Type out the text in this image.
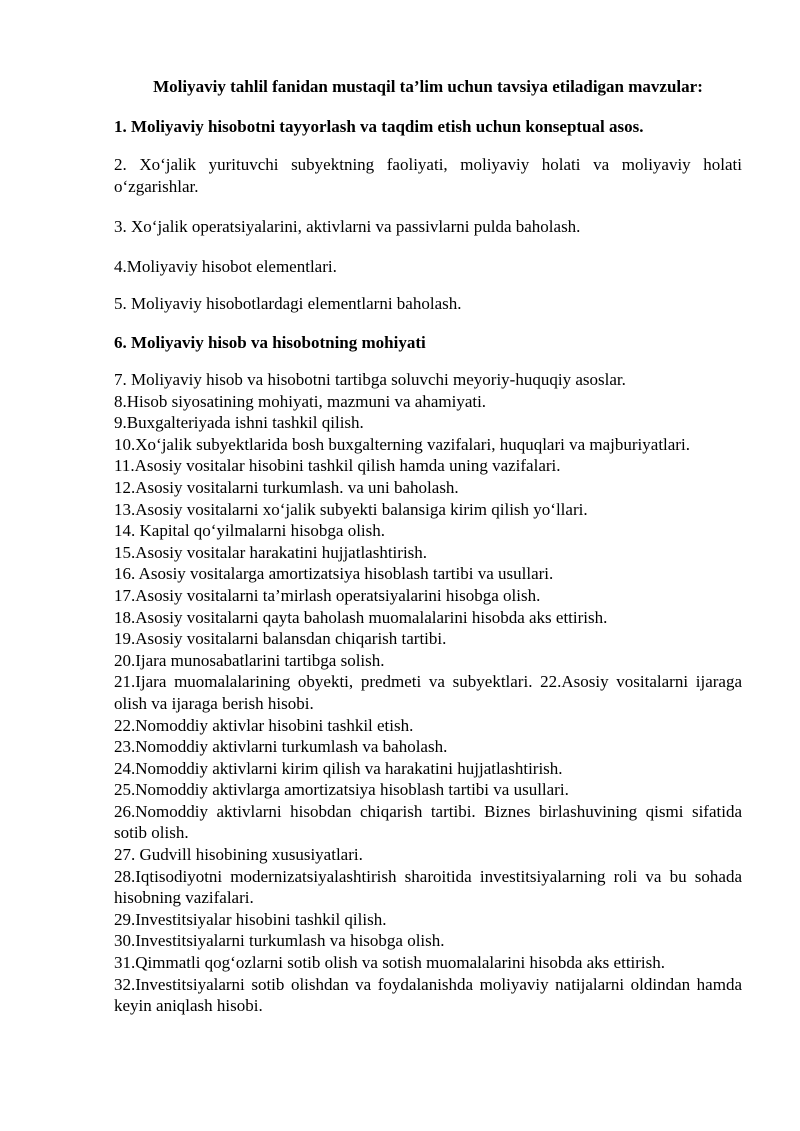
Moliyaviy tahlil fanidan mustaqil ta’lim uchun tavsiya etiladigan mavzular:

1. Moliyaviy hisobotni tayyorlash va taqdim etish uchun konseptual asos.

2. Xo‘jalik yurituvchi subyektning faoliyati, moliyaviy holati va moliyaviy holati o‘zgarishlar.

3. Xo‘jalik operatsiyalarini, aktivlarni va passivlarni pulda baholash.

4.Moliyaviy hisobot elementlari.

5. Moliyaviy hisobotlardagi elementlarni baholash.

6. Moliyaviy hisob va hisobotning mohiyati

7. Moliyaviy hisob va hisobotni tartibga soluvchi meyoriy-huquqiy asoslar.

8.Hisob siyosatining mohiyati, mazmuni va ahamiyati.

9.Buxgalteriyada ishni tashkil qilish.

10.Xo‘jalik subyektlarida bosh buxgalterning vazifalari, huquqlari va majburiyatlari.

11.Asosiy vositalar hisobini tashkil qilish hamda uning vazifalari.

12.Asosiy vositalarni turkumlash. va uni baholash.

13.Asosiy vositalarni xo‘jalik subyekti balansiga kirim qilish yo‘llari.

14. Kapital qo‘yilmalarni hisobga olish.

15.Asosiy vositalar harakatini hujjatlashtirish.

16. Asosiy vositalarga amortizatsiya hisoblash tartibi va usullari.

17.Asosiy vositalarni ta’mirlash operatsiyalarini hisobga olish.

18.Asosiy vositalarni qayta baholash muomalalarini hisobda aks ettirish.

19.Asosiy vositalarni balansdan chiqarish tartibi.

20.Ijara munosabatlarini tartibga solish.

21.Ijara muomalalarining obyekti, predmeti va subyektlari. 22.Asosiy vositalarni ijaraga olish va ijaraga berish hisobi.

22.Nomoddiy aktivlar hisobini tashkil etish.

23.Nomoddiy aktivlarni turkumlash va baholash.

24.Nomoddiy aktivlarni kirim qilish va harakatini hujjatlashtirish.

25.Nomoddiy aktivlarga amortizatsiya hisoblash tartibi va usullari.

26.Nomoddiy aktivlarni hisobdan chiqarish tartibi. Biznes birlashuvining qismi sifatida sotib olish.

27. Gudvill hisobining xususiyatlari.

28.Iqtisodiyotni modernizatsiyalashtirish sharoitida investitsiyalarning roli va bu sohada hisobning vazifalari.

29.Investitsiyalar hisobini tashkil qilish.

30.Investitsiyalarni turkumlash va hisobga olish.

31.Qimmatli qog‘ozlarni sotib olish va sotish muomalalarini hisobda aks ettirish.

32.Investitsiyalarni sotib olishdan va foydalanishda moliyaviy natijalarni oldindan hamda keyin aniqlash hisobi.
